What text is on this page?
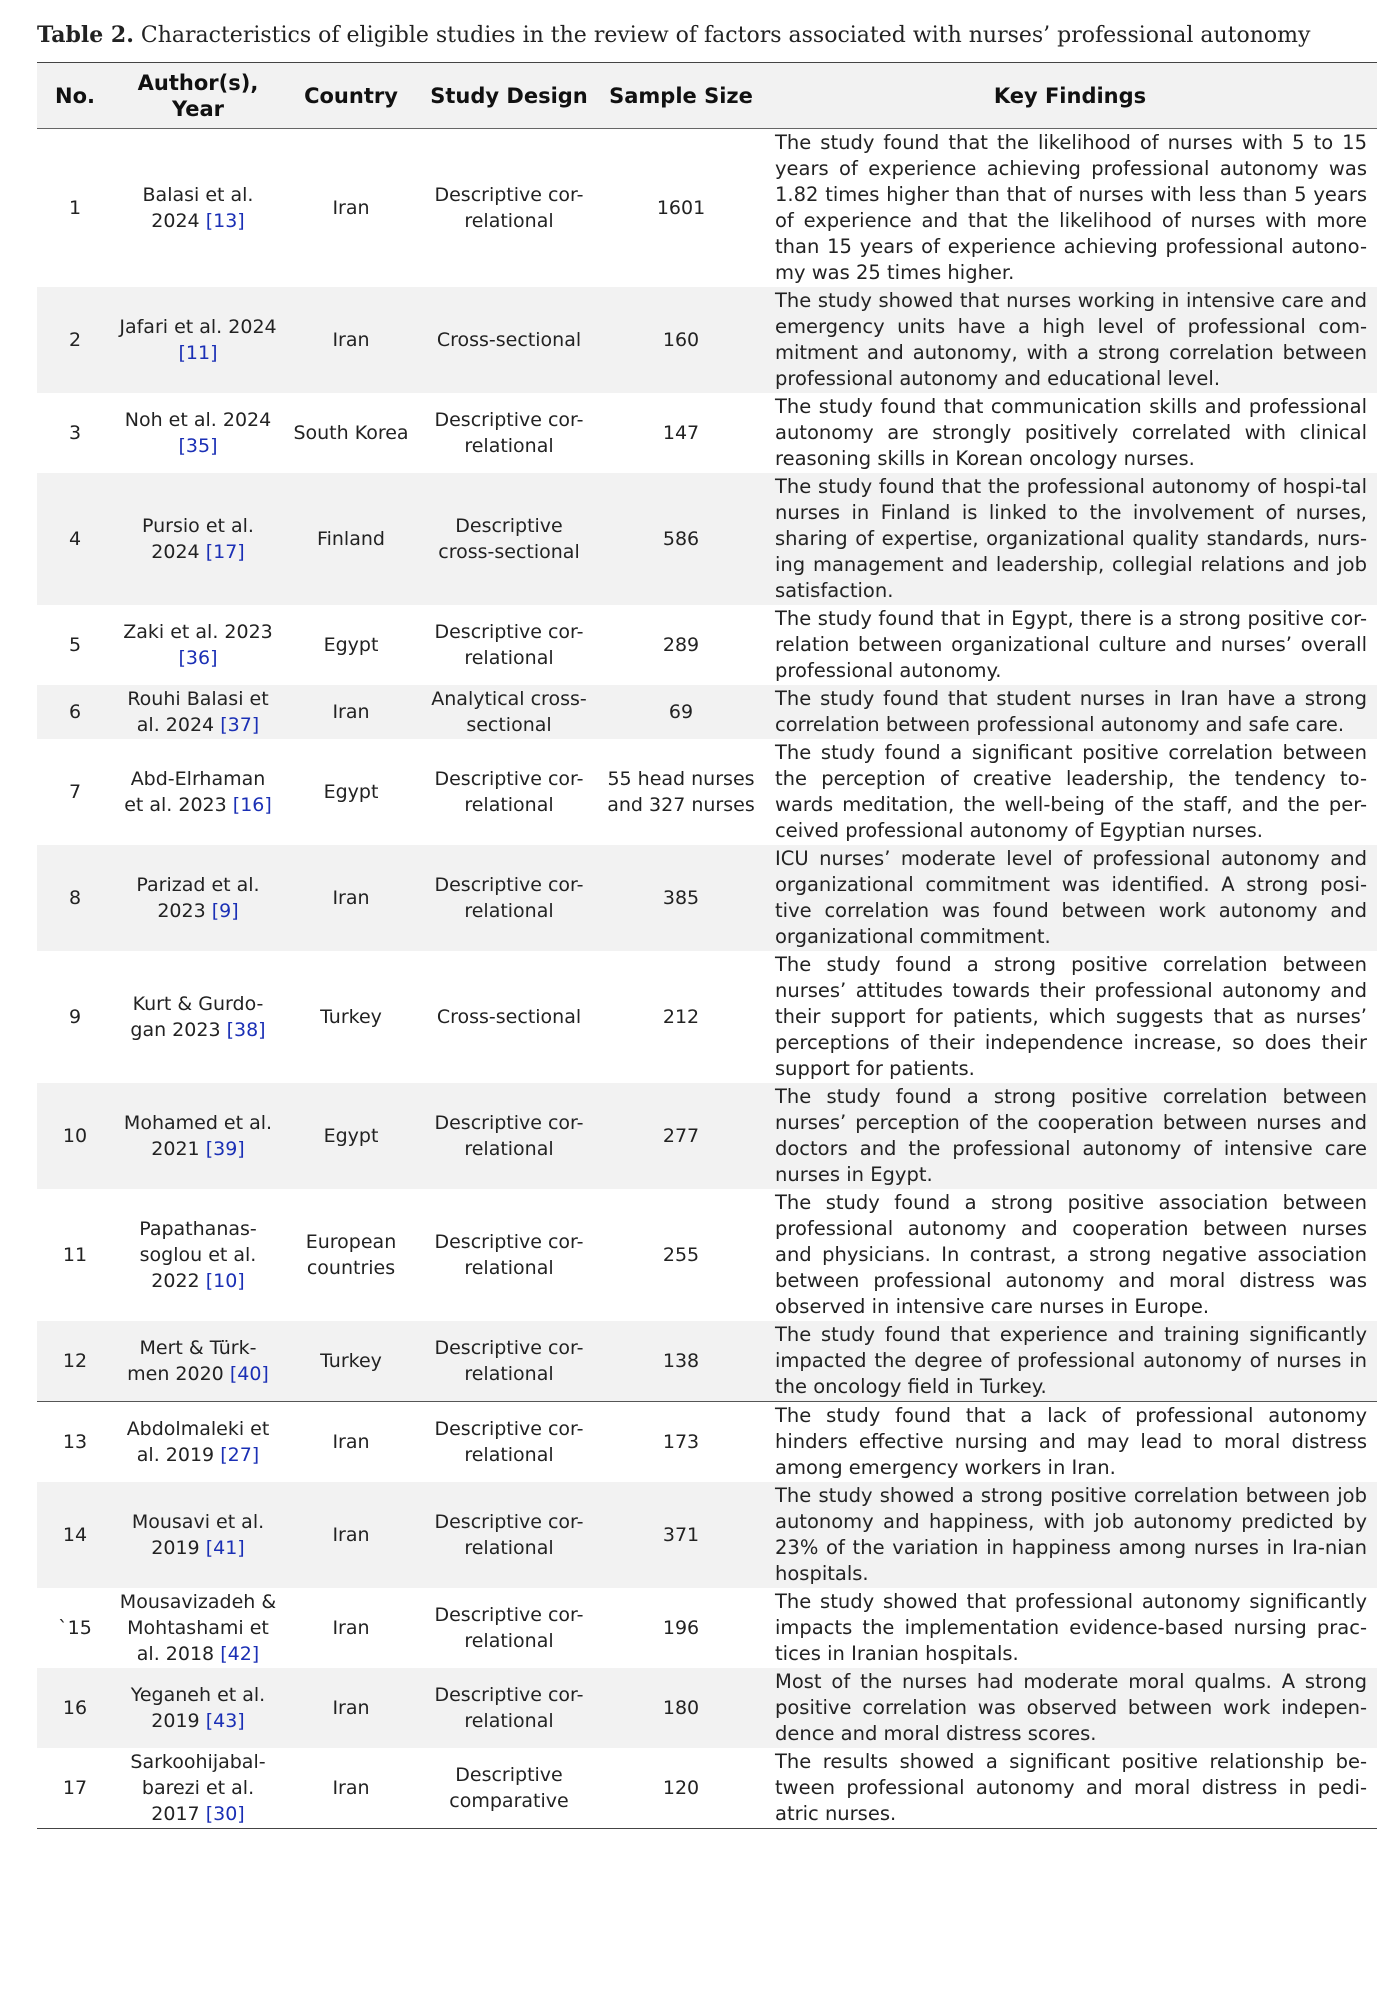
Table 2. Characteristics of eligible studies in the review of factors associated with nurses’ professional autonomy
No.	Author(s), Year	Country	Study Design	Sample Size	Key Findings
1	Balasi et al. 2024 [13]	Iran	Descriptive cor-relational	1601	The study found that the likelihood of nurses with 5 to 15 years of experience achieving professional autonomy was 1.82 times higher than that of nurses with less than 5 years of experience and that the likelihood of nurses with more than 15 years of experience achieving professional autono-my was 25 times higher.
2	Jafari et al. 2024 [11]	Iran	Cross-sectional	160	The study showed that nurses working in intensive care and emergency units have a high level of professional com-mitment and autonomy, with a strong correlation between professional autonomy and educational level.
3	Noh et al. 2024 [35]	South Korea	Descriptive cor-relational	147	The study found that communication skills and professional autonomy are strongly positively correlated with clinical reasoning skills in Korean oncology nurses.
4	Pursio et al. 2024 [17]	Finland	Descriptive cross-sectional	586	The study found that the professional autonomy of hospi-tal nurses in Finland is linked to the involvement of nurses, sharing of expertise, organizational quality standards, nurs-ing management and leadership, collegial relations and job satisfaction.
5	Zaki et al. 2023 [36]	Egypt	Descriptive cor-relational	289	The study found that in Egypt, there is a strong positive cor-relation between organizational culture and nurses’ overall professional autonomy.
6	Rouhi Balasi et al. 2024 [37]	Iran	Analytical cross-sectional	69	The study found that student nurses in Iran have a strong correlation between professional autonomy and safe care.
7	Abd-Elrhaman et al. 2023 [16]	Egypt	Descriptive cor-relational	55 head nurses and 327 nurses	The study found a significant positive correlation between the perception of creative leadership, the tendency to-wards meditation, the well-being of the staff, and the per-ceived professional autonomy of Egyptian nurses.
8	Parizad et al. 2023 [9]	Iran	Descriptive cor-relational	385	ICU nurses’ moderate level of professional autonomy and organizational commitment was identified. A strong posi-tive correlation was found between work autonomy and organizational commitment.
9	Kurt & Gurdo-gan 2023 [38]	Turkey	Cross-sectional	212	The study found a strong positive correlation between nurses’ attitudes towards their professional autonomy and their support for patients, which suggests that as nurses’ perceptions of their independence increase, so does their support for patients.
10	Mohamed et al. 2021 [39]	Egypt	Descriptive cor-relational	277	The study found a strong positive correlation between nurses’ perception of the cooperation between nurses and doctors and the professional autonomy of intensive care nurses in Egypt.
11	Papathanas-soglou et al. 2022 [10]	European countries	Descriptive cor-relational	255	The study found a strong positive association between professional autonomy and cooperation between nurses and physicians. In contrast, a strong negative association between professional autonomy and moral distress was observed in intensive care nurses in Europe.
12	Mert & Türk-men 2020 [40]	Turkey	Descriptive cor-relational	138	The study found that experience and training significantly impacted the degree of professional autonomy of nurses in the oncology field in Turkey.
13	Abdolmaleki et al. 2019 [27]	Iran	Descriptive cor-relational	173	The study found that a lack of professional autonomy hinders effective nursing and may lead to moral distress among emergency workers in Iran.
14	Mousavi et al. 2019 [41]	Iran	Descriptive cor-relational	371	The study showed a strong positive correlation between job autonomy and happiness, with job autonomy predicted by 23% of the variation in happiness among nurses in Ira-nian hospitals.
`15	Mousavizadeh & Mohtashami et al. 2018 [42]	Iran	Descriptive cor-relational	196	The study showed that professional autonomy significantly impacts the implementation evidence-based nursing prac-tices in Iranian hospitals.
16	Yeganeh et al. 2019 [43]	Iran	Descriptive cor-relational	180	Most of the nurses had moderate moral qualms. A strong positive correlation was observed between work indepen-dence and moral distress scores.
17	Sarkoohijabal-barezi et al. 2017 [30]	Iran	Descriptive comparative	120	The results showed a significant positive relationship be-tween professional autonomy and moral distress in pedi-atric nurses.
